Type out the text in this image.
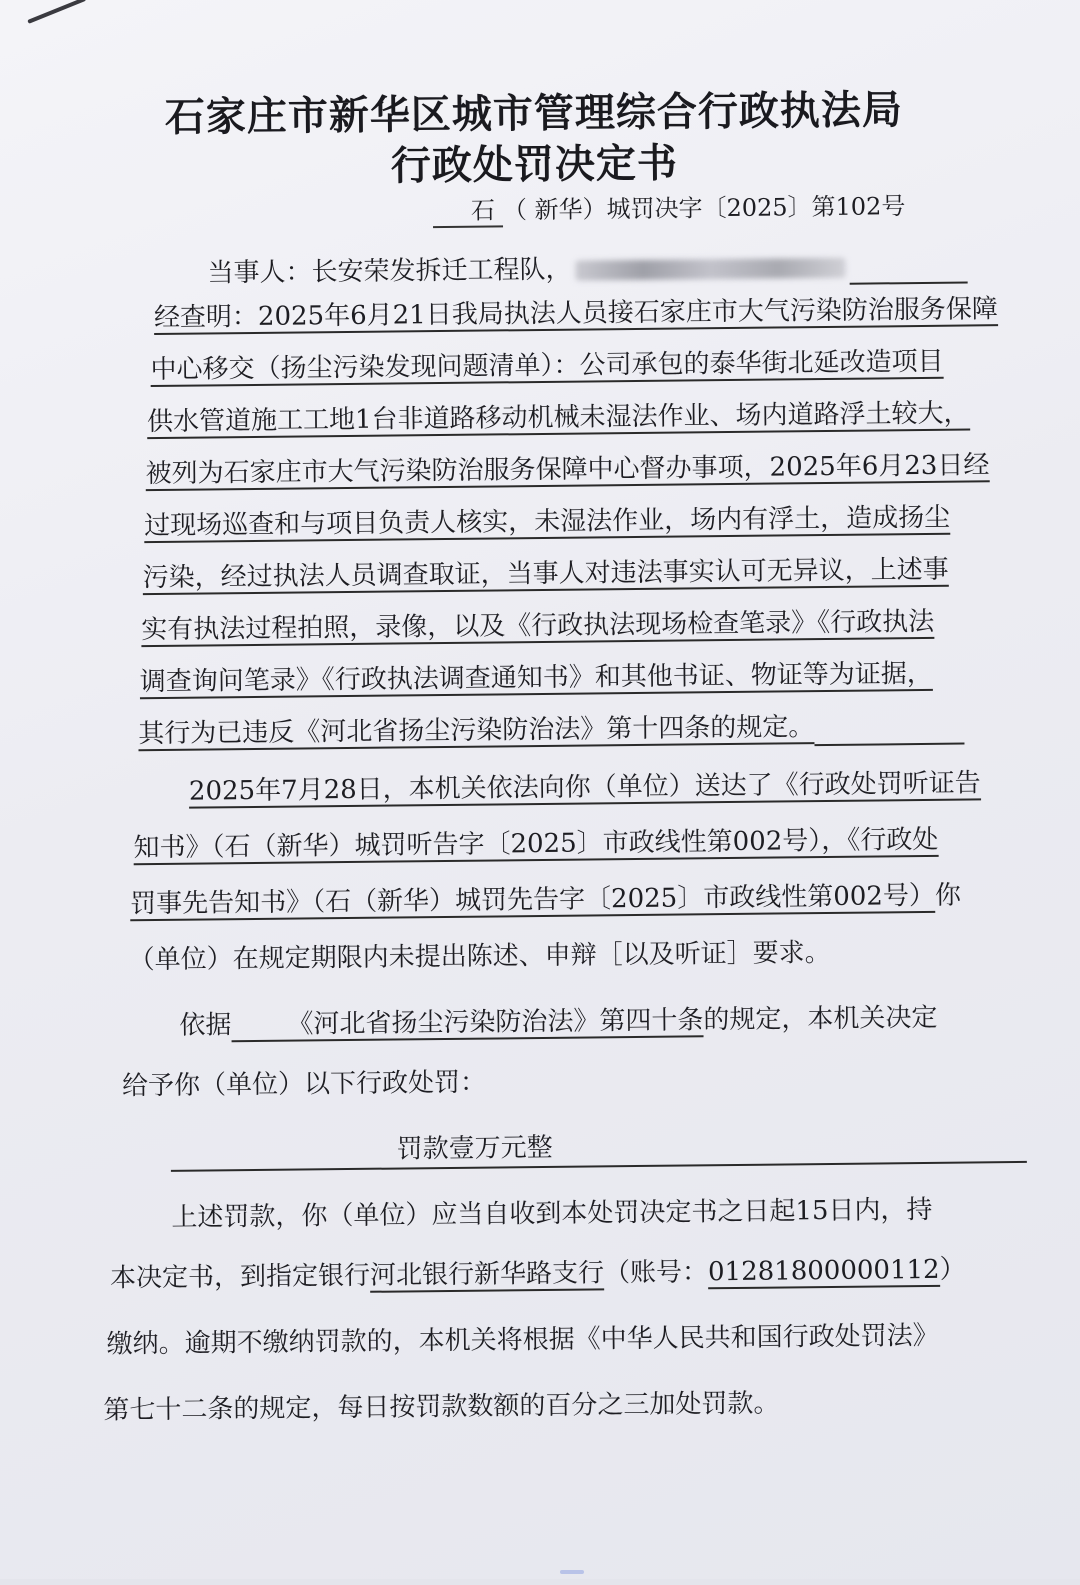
石家庄市新华区城市管理综合行政执法局
行政处罚决定书
石 （ 新华）城罚决字〔2025〕第102号
当事人：长安荣发拆迁工程队，
经查明：2025年6月21日我局执法人员接石家庄市大气污染防治服务保障
中心移交（扬尘污染发现问题清单）：公司承包的泰华街北延改造项目
供水管道施工工地1台非道路移动机械未湿法作业、场内道路浮土较大，
被列为石家庄市大气污染防治服务保障中心督办事项，2025年6月23日经
过现场巡查和与项目负责人核实，未湿法作业，场内有浮土，造成扬尘
污染，经过执法人员调查取证，当事人对违法事实认可无异议，上述事
实有执法过程拍照，录像，以及《行政执法现场检查笔录》《行政执法
调查询问笔录》《行政执法调查通知书》和其他书证、物证等为证据，
其行为已违反《河北省扬尘污染防治法》第十四条的规定。
2025年7月28日，本机关依法向你（单位）送达了《行政处罚听证告
知书》（石（新华）城罚听告字〔2025〕市政线性第002号），《行政处
罚事先告知书》（石（新华）城罚先告字〔2025〕市政线性第002号）你
（单位）在规定期限内未提出陈述、申辩［以及听证］要求。
依据 《河北省扬尘污染防治法》第四十条的规定，本机关决定
给予你（单位）以下行政处罚：
罚款壹万元整
上述罚款，你（单位）应当自收到本处罚决定书之日起15日内，持
本决定书，到指定银行河北银行新华路支行（账号：01281800000112）
缴纳。逾期不缴纳罚款的，本机关将根据《中华人民共和国行政处罚法》
第七十二条的规定，每日按罚款数额的百分之三加处罚款。
